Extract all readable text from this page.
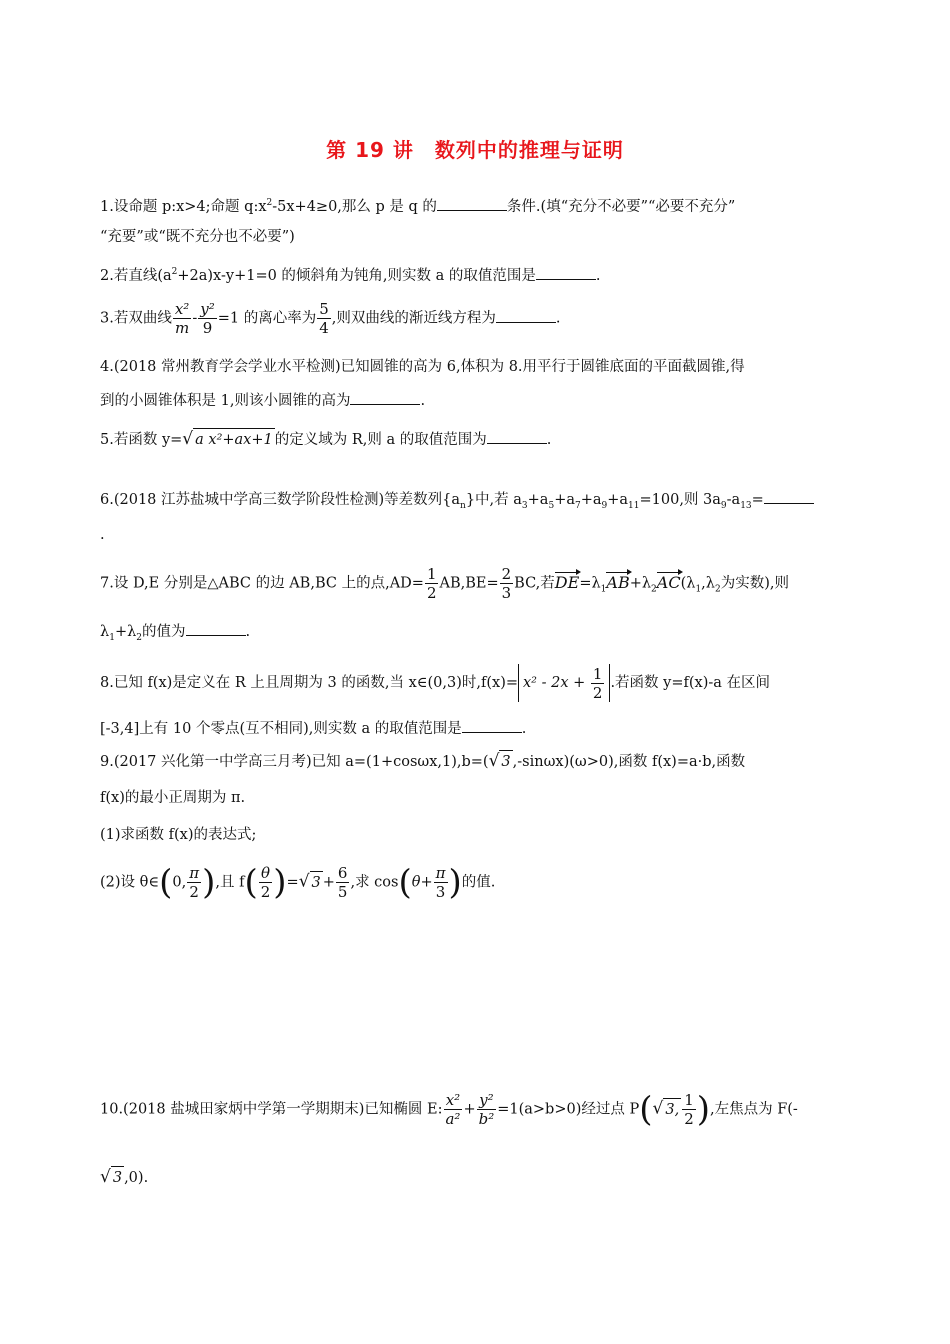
第 19 讲　数列中的推理与证明
1.设命题 p:x>4;命题 $q:x^2-5x+4\ge 0$,那么 p 是 q 的	条件.(填“充分不必要”“必要不充分”
“充要”或“既不充分也不必要”)
2.若直线$(a^2+2a)x-y+1=0$ 的倾斜角为钝角,则实数 a 的取值范围是	.
3.若双曲线 $\frac{\text{x²}}{m} - \frac{\text{y²}}{9} =1$ 的离心率为 $\frac{5}{4}$ ,则双曲线的渐近线方程为	.
4.(2018 常州教育学会学业水平检测)已知圆锥的高为 6,体积为 8.用平行于圆锥底面的平面截圆锥,得
到的小圆锥体积是 1,则该小圆锥的高为	.
5.若函数 y=√ a x²+ax+1 的定义域为 R,则 a 的取值范围为	.
6.(2018 江苏盐城中学高三数学阶段性检测)等差数列$\{a_n\}$中,若 $a_3+a_5+a_7+a_9+a_{11}=100$,则 $3a_9-a_{13}=$
.
7.设 D,E 分别是△ABC 的边 AB,BC 上的点$,AD= \frac{1}{2} AB,BE= \frac{2}{3}$ BC,若$DE=\lambda_1AB+\lambda_2AC(\lambda_1,\lambda_2$为实数),则
$\lambda_1+\lambda_2$的值为	.
8.已知 f(x)是定义在 R 上且周期为 3 的函数,当 x∈(0,3)时$,f(x)= x^2 - 2x + \frac{1}{2}$ .若函数 y=f(x)-a 在区间
[-3,4]上有 10 个零点(互不相同),则实数 a 的取值范围是	.
9.(2017 兴化第一中学高三月考)已知 a=(1+cosωx,1),b=(√ 3 ,-sinωx)(ω>0),函数 f(x)=a·b,函数
f(x)的最小正周期为 π.
(1)求函数 f(x)的表达式;
(2)设 θ∈(0, $\frac{\pi}{2}$ ),且 $f( \frac{\theta}{2}$ )=√ $3 + \frac{6}{5}$ ,求 $\cos(\theta+ \frac{\pi}{3}$ )的值.
10.(2018 盐城田家炳中学第一学期期末)已知椭圆 E: $\frac{\text{x²}}{\text{a²}} + \frac{\text{y²}}{\text{b²}} =1(a>b>0)$经过点 P(√ 3, $\frac{1}{2}$ ),左焦点为 F(-
√ 3 ,0).
